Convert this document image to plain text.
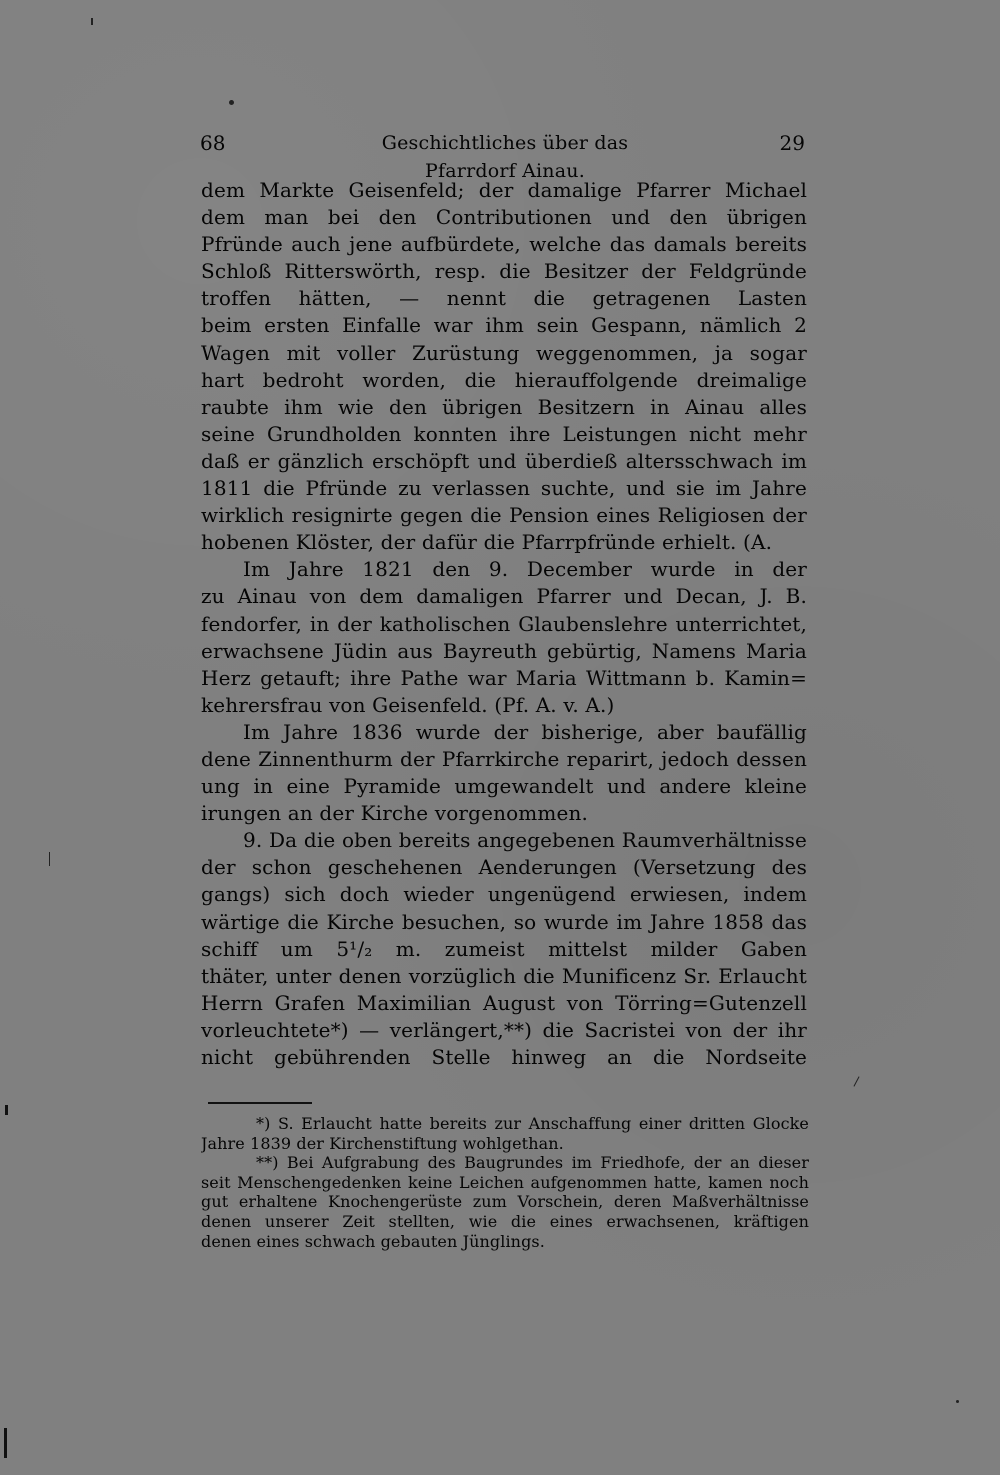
68	Geschichtliches über das Pfarrdorf Ainau.
29
dem Markte Geisenfeld; der damalige Pfarrer Michael
dem man bei den Contributionen und den übrigen
Pfründe auch jene aufbürdete, welche das damals bereits
Schloß Ritterswörth, resp. die Besitzer der Feldgründe
troffen hätten, — nennt die getragenen Lasten
beim ersten Einfalle war ihm sein Gespann, nämlich 2
Wagen mit voller Zurüstung weggenommen, ja sogar
hart bedroht worden, die hierauffolgende dreimalige
raubte ihm wie den übrigen Besitzern in Ainau alles
seine Grundholden konnten ihre Leistungen nicht mehr
daß er gänzlich erschöpft und überdieß altersschwach im
1811 die Pfründe zu verlassen suchte, und sie im Jahre
wirklich resignirte gegen die Pension eines Religiosen der
hobenen Klöster, der dafür die Pfarrpfründe erhielt. (A.
Im Jahre 1821 den 9. December wurde in der
zu Ainau von dem damaligen Pfarrer und Decan, J. B.
fendorfer, in der katholischen Glaubenslehre unterrichtet,
erwachsene Jüdin aus Bayreuth gebürtig, Namens Maria
Herz getauft; ihre Pathe war Maria Wittmann b. Kamin=
kehrersfrau von Geisenfeld. (Pf. A. v. A.)
Im Jahre 1836 wurde der bisherige, aber baufällig
dene Zinnenthurm der Pfarrkirche reparirt, jedoch dessen
ung in eine Pyramide umgewandelt und andere kleine
irungen an der Kirche vorgenommen.
9. Da die oben bereits angegebenen Raumverhältnisse
der schon geschehenen Aenderungen (Versetzung des
gangs) sich doch wieder ungenügend erwiesen, indem
wärtige die Kirche besuchen, so wurde im Jahre 1858 das
schiff um 5¹/₂ m. zumeist mittelst milder Gaben
thäter, unter denen vorzüglich die Munificenz Sr. Erlaucht
Herrn Grafen Maximilian August von Törring=Gutenzell
vorleuchtete*) — verlängert,**) die Sacristei von der ihr
nicht gebührenden Stelle hinweg an die Nordseite
*) S. Erlaucht hatte bereits zur Anschaffung einer dritten Glocke
Jahre 1839 der Kirchenstiftung wohlgethan.
**) Bei Aufgrabung des Baugrundes im Friedhofe, der an dieser
seit Menschengedenken keine Leichen aufgenommen hatte, kamen noch
gut erhaltene Knochengerüste zum Vorschein, deren Maßverhältnisse
denen unserer Zeit stellten, wie die eines erwachsenen, kräftigen
denen eines schwach gebauten Jünglings.
